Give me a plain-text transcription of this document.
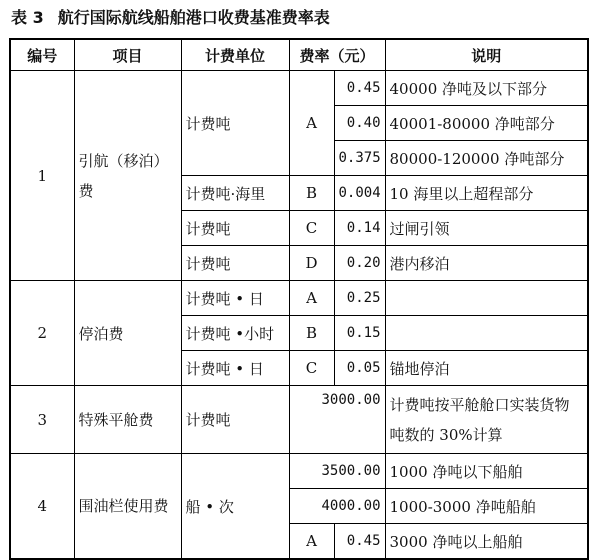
表 3 航行国际航线船舶港口收费基准费率表
编号	项目	计费单位	费率（元）		说明
1	引航（移泊）费	计费吨	A	0.45	40000 净吨及以下部分
				0.40	40001-80000 净吨部分
				0.375	80000-120000 净吨部分
		计费吨·海里	B	0.004	10 海里以上超程部分
		计费吨	C	0.14	过闸引领
		计费吨	D	0.20	港内移泊
2	停泊费	计费吨 • 日	A	0.25	
		计费吨 •小时	B	0.15	
		计费吨 • 日	C	0.05	锚地停泊
3	特殊平舱费	计费吨	3000.00		计费吨按平舱舱口实装货物吨数的 30%计算
4	围油栏使用费	船 • 次	3500.00		1000 净吨以下船舶
			4000.00		1000-3000 净吨船舶
			A	0.45	3000 净吨以上船舶
